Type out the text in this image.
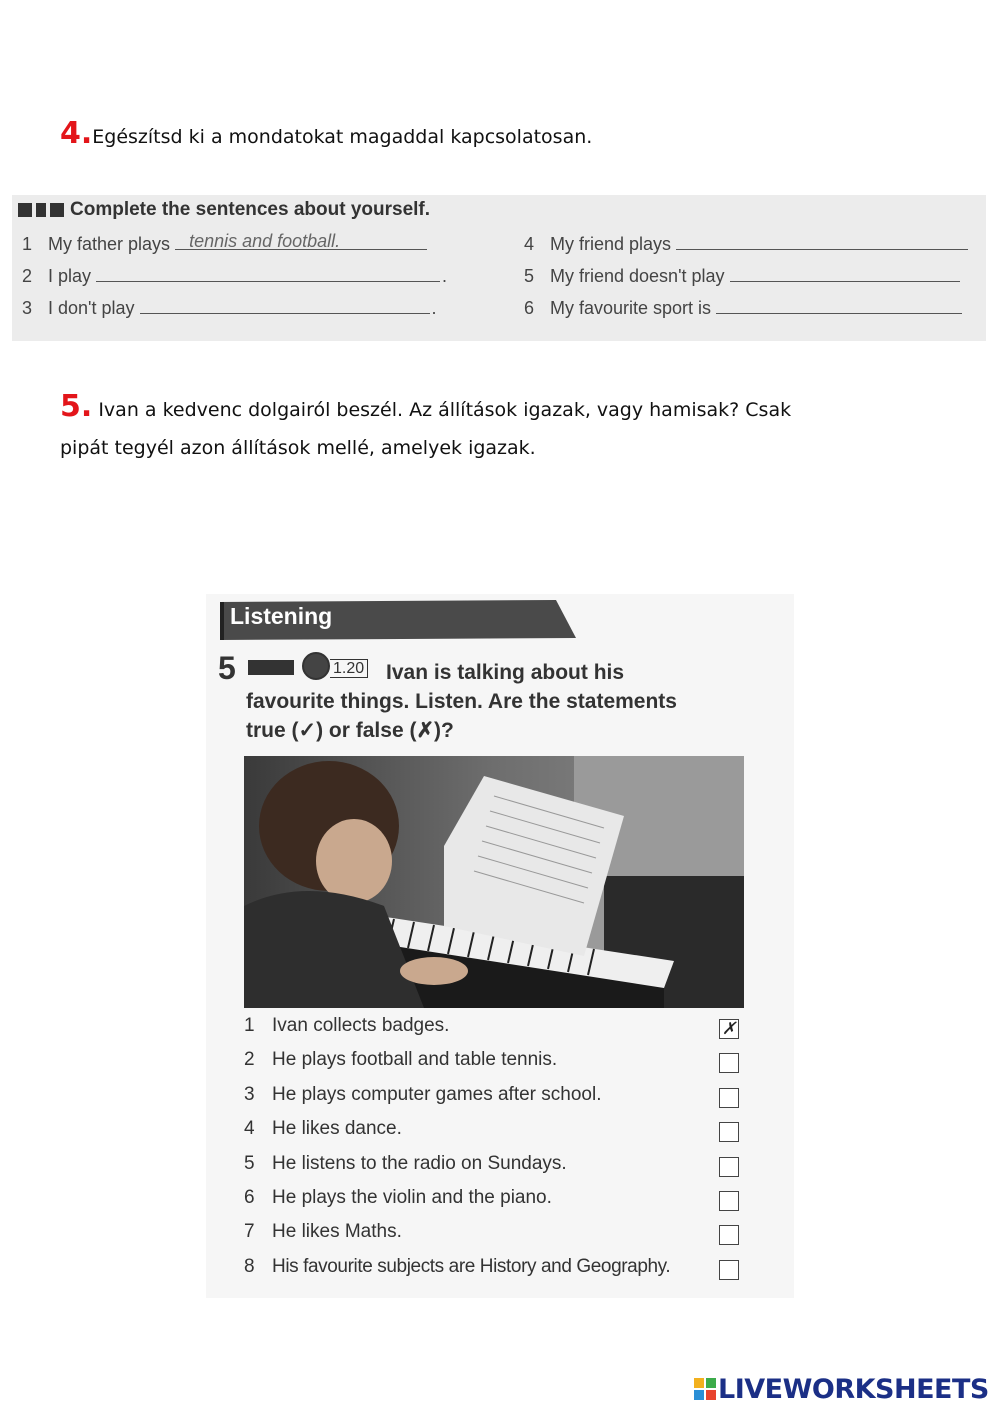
4.Egészítsd ki a mondatokat magaddal kapcsolatosan.
Complete the sentences about yourself.
1 My father plays tennis and football.
2 I play	.
3 I don't play	.
4 My friend plays
5 My friend doesn't play
6 My favourite sport is
5. Ivan a kedvenc dolgairól beszél. Az állítások igazak, vagy hamisak? Csak
pipát tegyél azon állítások mellé, amelyek igazak.
Listening
5	1.20	Ivan is talking about his
favourite things. Listen. Are the statements
true (✓) or false (✗)?
1 Ivan collects badges.	✗
2 He plays football and table tennis.
3 He plays computer games after school.
4 He likes dance.
5 He listens to the radio on Sundays.
6 He plays the violin and the piano.
7 He likes Maths.
8 His favourite subjects are History and Geography.
LIVEWORKSHEETS
